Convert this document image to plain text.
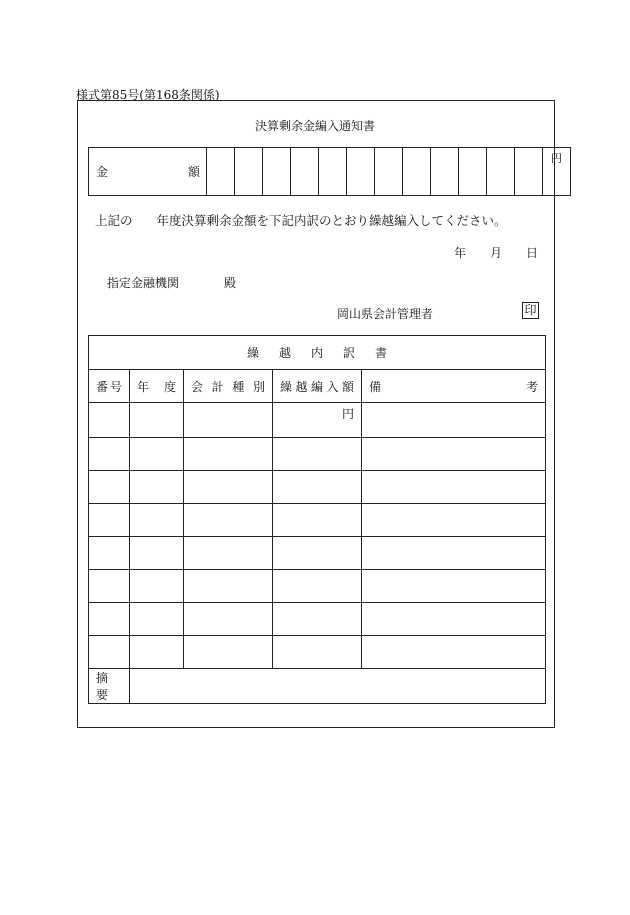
様式第85号(第168条関係)
決算剰余金編入通知書
金	額

円
上記の 年度決算剰余金額を下記内訳のとおり繰越編入してください。
年 月 日
指定金融機関	殿
岡山県会計管理者	印
繰越内訳書				

番 号	年 度	会 計 種 別	繰 越 編 入 額	備 考

			円	

摘要				
